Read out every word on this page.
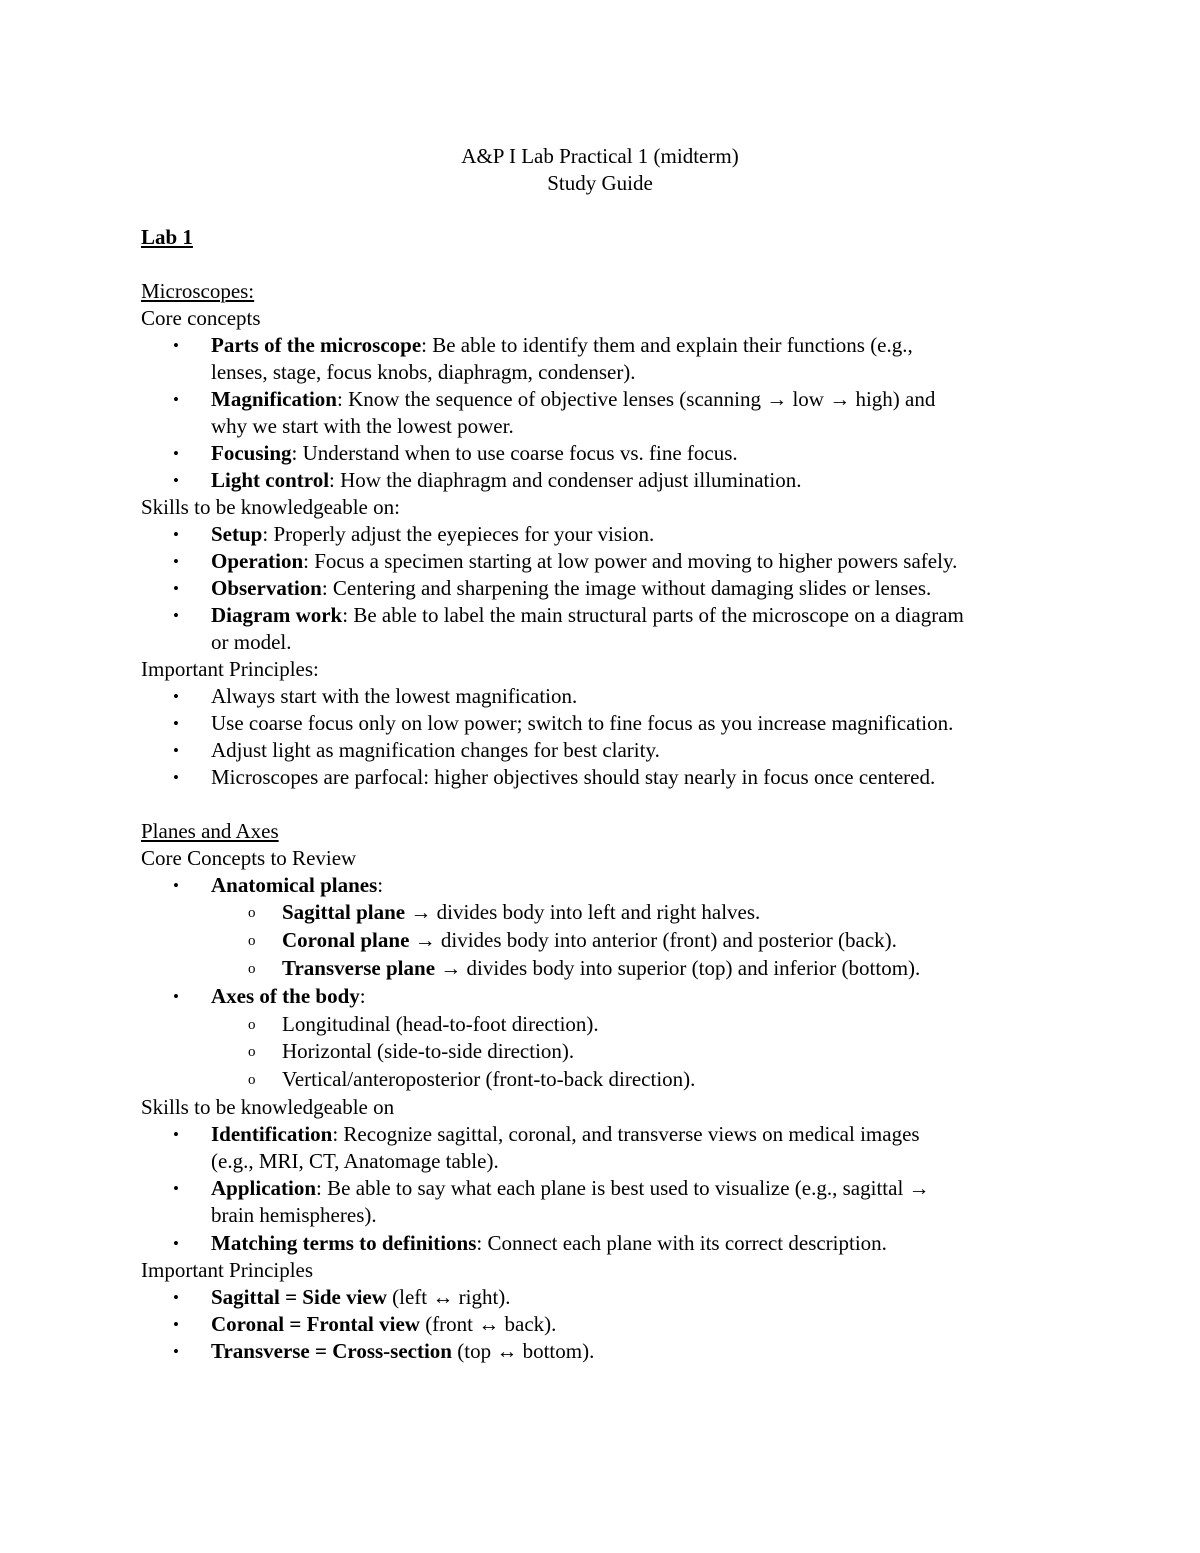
A&P I Lab Practical 1 (midterm)
Study Guide
Lab 1
Microscopes:
Core concepts
• Parts of the microscope: Be able to identify them and explain their functions (e.g.,
lenses, stage, focus knobs, diaphragm, condenser).
• Magnification: Know the sequence of objective lenses (scanning → low → high) and
why we start with the lowest power.
• Focusing: Understand when to use coarse focus vs. fine focus.
• Light control: How the diaphragm and condenser adjust illumination.
Skills to be knowledgeable on:
• Setup: Properly adjust the eyepieces for your vision.
• Operation: Focus a specimen starting at low power and moving to higher powers safely.
• Observation: Centering and sharpening the image without damaging slides or lenses.
• Diagram work: Be able to label the main structural parts of the microscope on a diagram
or model.
Important Principles:
• Always start with the lowest magnification.
• Use coarse focus only on low power; switch to fine focus as you increase magnification.
• Adjust light as magnification changes for best clarity.
• Microscopes are parfocal: higher objectives should stay nearly in focus once centered.
Planes and Axes
Core Concepts to Review
• Anatomical planes:
o Sagittal plane → divides body into left and right halves.
o Coronal plane → divides body into anterior (front) and posterior (back).
o Transverse plane → divides body into superior (top) and inferior (bottom).
• Axes of the body:
o Longitudinal (head-to-foot direction).
o Horizontal (side-to-side direction).
o Vertical/anteroposterior (front-to-back direction).
Skills to be knowledgeable on
• Identification: Recognize sagittal, coronal, and transverse views on medical images
(e.g., MRI, CT, Anatomage table).
• Application: Be able to say what each plane is best used to visualize (e.g., sagittal →
brain hemispheres).
• Matching terms to definitions: Connect each plane with its correct description.
Important Principles
• Sagittal = Side view (left ↔ right).
• Coronal = Frontal view (front ↔ back).
• Transverse = Cross-section (top ↔ bottom).
